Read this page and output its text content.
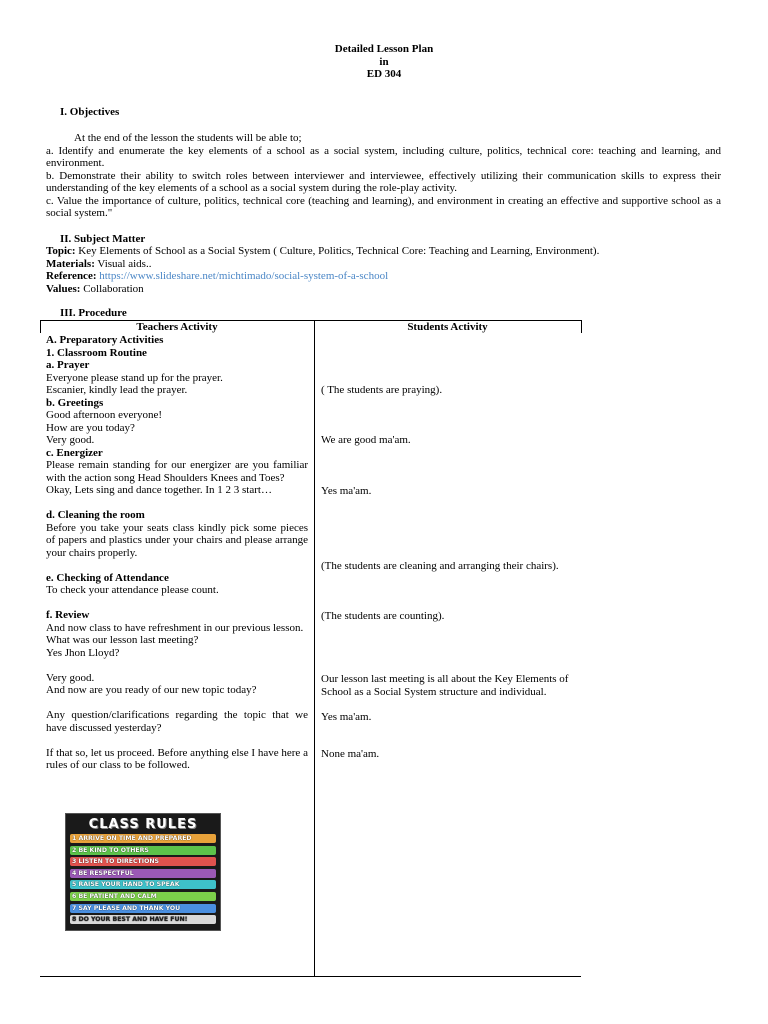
Detailed Lesson Plan
in
ED 304
I. Objectives

At the end of the lesson the students will be able to;

a. Identify and enumerate the key elements of a school as a social system, including culture, politics, technical core: teaching and learning, and environment.

b. Demonstrate their ability to switch roles between interviewer and interviewee, effectively utilizing their communication skills to express their understanding of the key elements of a school as a social system during the role-play activity.

c. Value the importance of culture, politics, technical core (teaching and learning), and environment in creating an effective and supportive school as a social system."

II. Subject Matter
Topic: Key Elements of School as a Social System ( Culture, Politics, Technical Core: Teaching and Learning, Environment).
Materials: Visual aids..
Reference: https://www.slideshare.net/michtimado/social-system-of-a-school
Values: Collaboration
III. Procedure
Teachers Activity	Students Activity
A. Preparatory Activities
1. Classroom Routine
a. Prayer
Everyone please stand up for the prayer.
Escanier, kindly lead the prayer.
b. Greetings
Good afternoon everyone!
How are you today?
Very good.
c. Energizer
Please remain standing for our energizer are you familiar with the action song Head Shoulders Knees and Toes?
Okay, Lets sing and dance together. In 1 2 3 start…
d. Cleaning the room
Before you take your seats class kindly pick some pieces of papers and plastics under your chairs and please arrange your chairs properly.
e. Checking of Attendance
To check your attendance please count.
f. Review
And now class to have refreshment in our previous lesson.
What was our lesson last meeting?
Yes Jhon Lloyd?
Very good.
And now are you ready of our new topic today?
Any question/clarifications regarding the topic that we have discussed yesterday?
If that so, let us proceed. Before anything else I have here a rules of our class to be followed.
( The students are praying).
We are good ma'am.
Yes ma'am.
(The students are cleaning and arranging their chairs).
(The students are counting).
Our lesson last meeting is all about the Key Elements of School as a Social System structure and individual.
Yes ma'am.
None ma'am.
CLASS RULES
1 ARRIVE ON TIME AND PREPARED
2 BE KIND TO OTHERS
3 LISTEN TO DIRECTIONS
4 BE RESPECTFUL
5 RAISE YOUR HAND TO SPEAK
6 BE PATIENT AND CALM
7 SAY PLEASE AND THANK YOU
8 DO YOUR BEST AND HAVE FUN!
